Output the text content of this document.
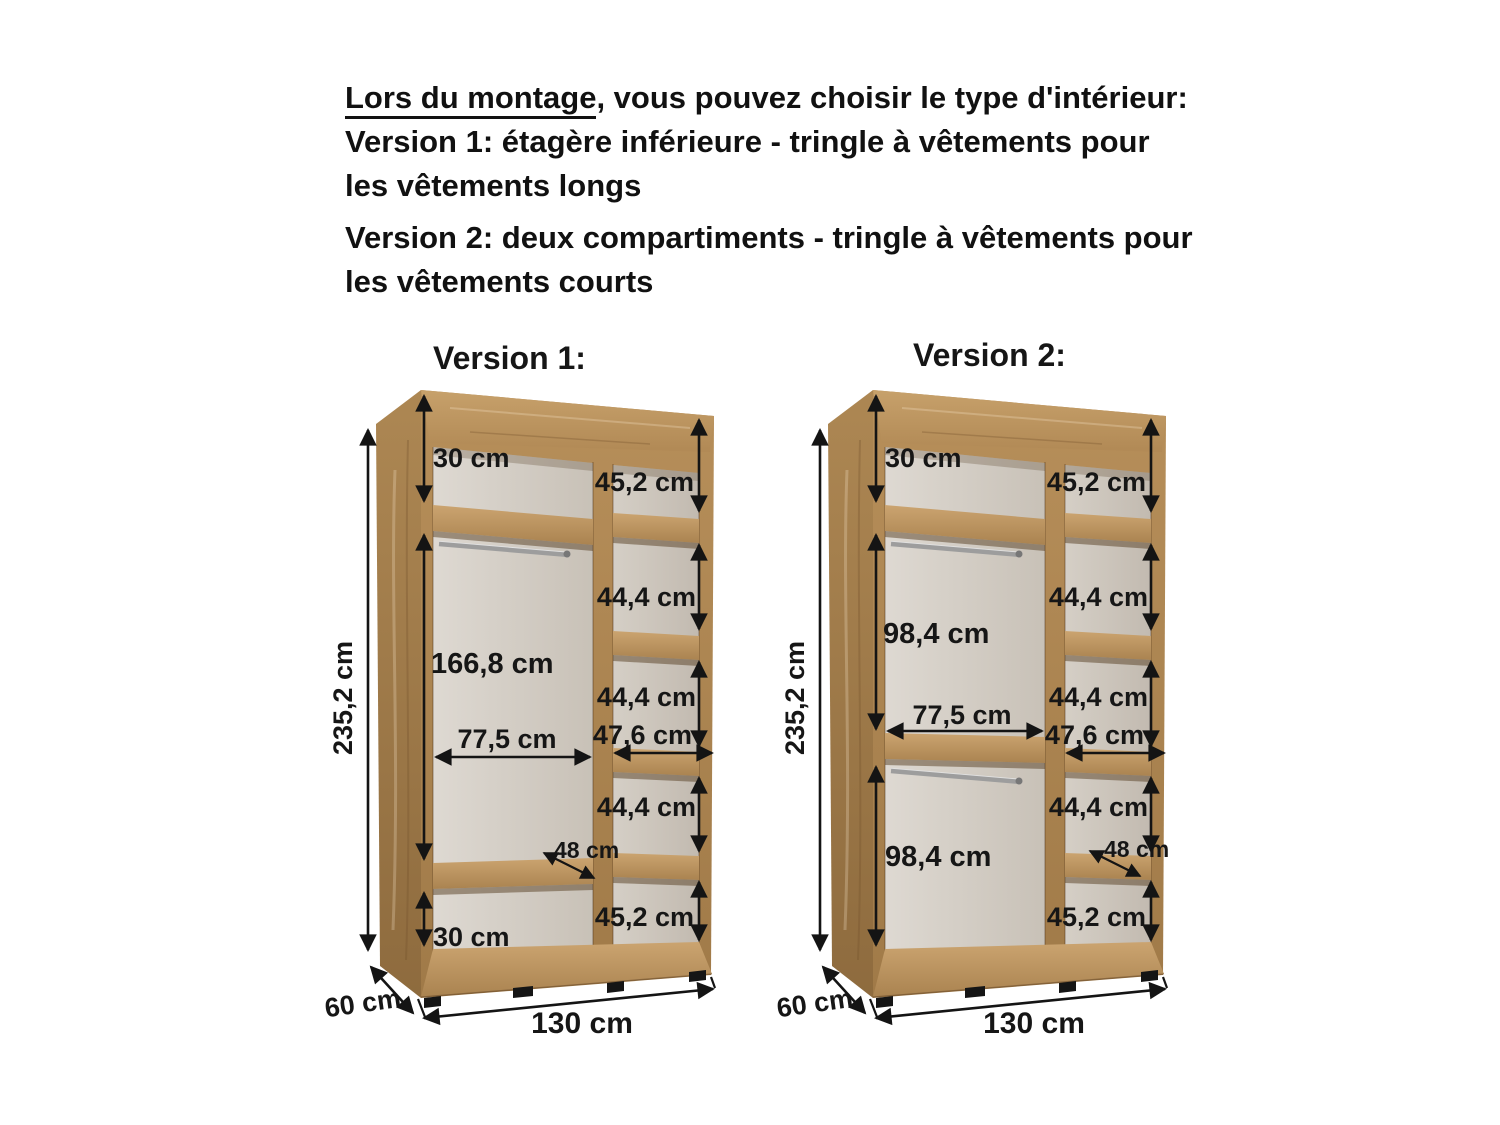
Lors du montage, vous pouvez choisir le type d'intérieur:
Version 1: étagère inférieure - tringle à vêtements pour
les vêtements longs
Version 2: deux compartiments - tringle à vêtements pour
les vêtements courts
Version 1:
235,2 cm
30 cm
166,8 cm
30 cm
77,5 cm
48 cm
45,2 cm
44,4 cm
44,4 cm
47,6 cm
44,4 cm
45,2 cm
130 cm
60 cm
Version 2:
235,2 cm
30 cm
98,4 cm
98,4 cm
77,5 cm
48 cm
45,2 cm
44,4 cm
44,4 cm
47,6 cm
44,4 cm
45,2 cm
130 cm
60 cm
